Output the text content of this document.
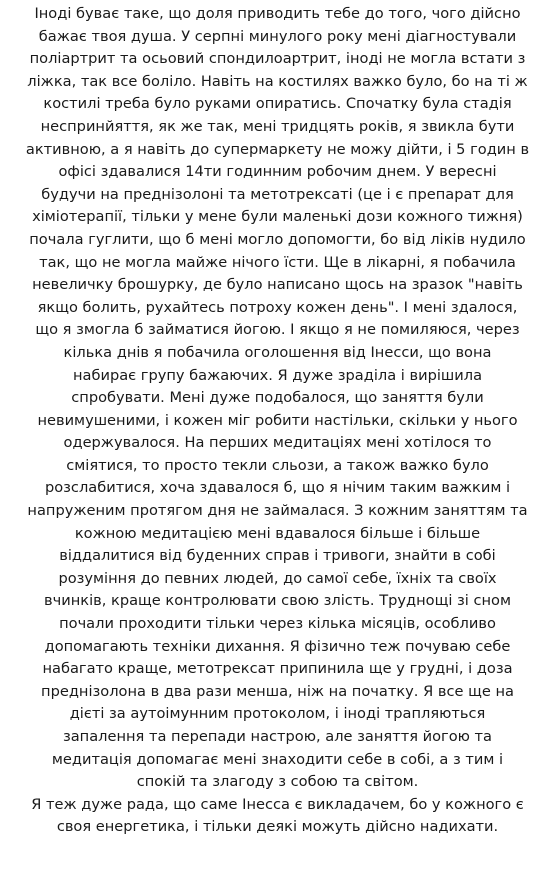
Іноді буває таке, що доля приводить тебе до того, чого дійсно
бажає твоя душа. У серпні минулого року мені діагностували
поліартрит та осьовий спондилоартрит, іноді не могла встати з
ліжка, так все боліло. Навіть на костилях важко було, бо на ті ж
костилі треба було руками опиратись. Спочатку була стадія
неспринйяття, як же так, мені тридцять років, я звикла бути
активною, а я навіть до супермаркету не можу дійти, і 5 годин в
офісі здавалися 14ти годинним робочим днем. У вересні
будучи на преднізолоні та метотрексаті (це і є препарат для
хіміотерапії, тільки у мене були маленькі дози кожного тижня)
почала гуглити, що б мені могло допомогти, бо від ліків нудило
так, що не могла майже нічого їсти. Ще в лікарні, я побачила
невеличку брошурку, де було написано щось на зразок "навіть
якщо болить, рухайтесь потроху кожен день". І мені здалося,
що я змогла б займатися йогою. І якщо я не помиляюся, через
кілька днів я побачила оголошення від Інесси, що вона
набирає групу бажаючих. Я дуже зраділа і вирішила
спробувати. Мені дуже подобалося, що заняття були
невимушеними, і кожен міг робити настільки, скільки у нього
одержувалося. На перших медитаціях мені хотілося то
сміятися, то просто текли сльози, а також важко було
розслабитися, хоча здавалося б, що я нічим таким важким і
напруженим протягом дня не займалася. З кожним заняттям та
кожною медитацією мені вдавалося більше і більше
віддалитися від буденних справ і тривоги, знайти в собі
розуміння до певних людей, до самої себе, їхніх та своїх
вчинків, краще контролювати свою злість. Труднощі зі сном
почали проходити тільки через кілька місяців, особливо
допомагають техніки дихання. Я фізично теж почуваю себе
набагато краще, метотрексат припинила ще у грудні, і доза
преднізолона в два рази менша, ніж на початку. Я все ще на
дієті за аутоімунним протоколом, і іноді трапляються
запалення та перепади настрою, але заняття йогою та
медитація допомагає мені знаходити себе в собі, а з тим і
спокій та злагоду з собою та світом.

Я теж дуже рада, що саме Інесса є викладачем, бо у кожного є
своя енергетика, і тільки деякі можуть дійсно надихати.
